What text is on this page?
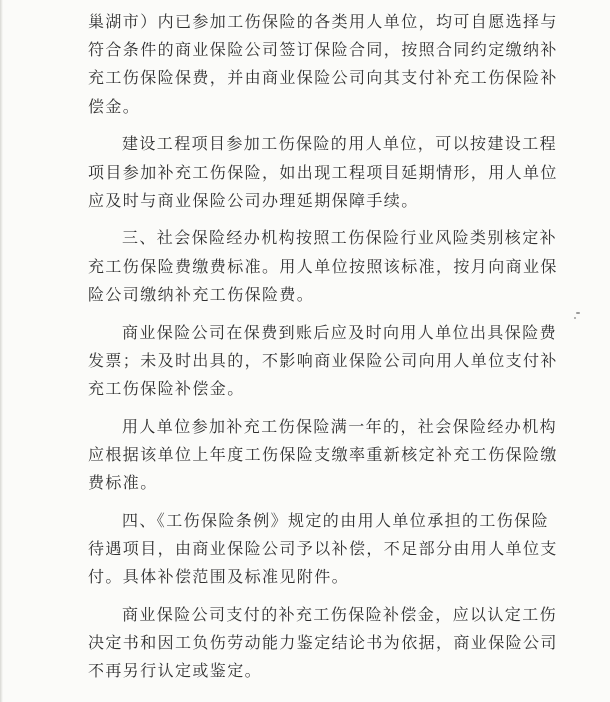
巢湖市）内已参加工伤保险的各类用人单位，均可自愿选择与
符合条件的商业保险公司签订保险合同，按照合同约定缴纳补
充工伤保险保费，并由商业保险公司向其支付补充工伤保险补
偿金。

建设工程项目参加工伤保险的用人单位，可以按建设工程
项目参加补充工伤保险，如出现工程项目延期情形，用人单位
应及时与商业保险公司办理延期保障手续。

三、社会保险经办机构按照工伤保险行业风险类别核定补
充工伤保险费缴费标准。用人单位按照该标准，按月向商业保
险公司缴纳补充工伤保险费。

商业保险公司在保费到账后应及时向用人单位出具保险费
发票；未及时出具的，不影响商业保险公司向用人单位支付补
充工伤保险补偿金。

用人单位参加补充工伤保险满一年的，社会保险经办机构
应根据该单位上年度工伤保险支缴率重新核定补充工伤保险缴
费标准。

四、《工伤保险条例》规定的由用人单位承担的工伤保险
待遇项目，由商业保险公司予以补偿，不足部分由用人单位支
付。具体补偿范围及标准见附件。

商业保险公司支付的补充工伤保险补偿金，应以认定工伤
决定书和因工负伤劳动能力鉴定结论书为依据，商业保险公司
不再另行认定或鉴定。
